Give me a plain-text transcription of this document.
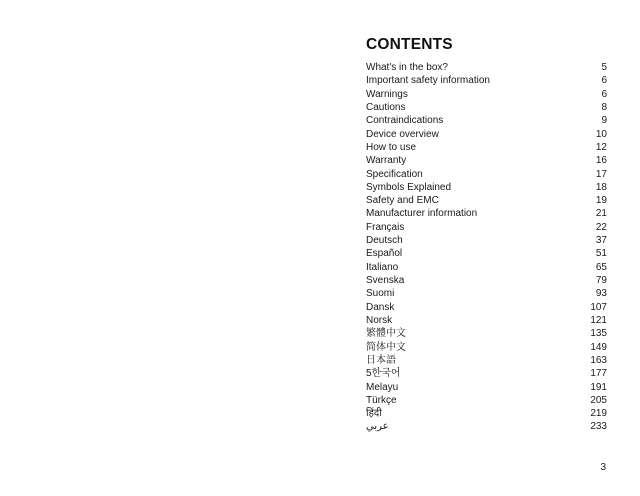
CONTENTS
What's in the box?	5
Important safety information	6
Warnings	6
Cautions	8
Contraindications	9
Device overview	10
How to use	12
Warranty	16
Specification	17
Symbols Explained	18
Safety and EMC	19
Manufacturer information	21
Français	22
Deutsch	37
Español	51
Italiano	65
Svenska	79
Suomi	93
Dansk	107
Norsk	121
繁體中文	135
简体中文	149
日本語	163
5한국어	177
Melayu	191
Türkçe	205
हिंदी	219
عربي	233
3
